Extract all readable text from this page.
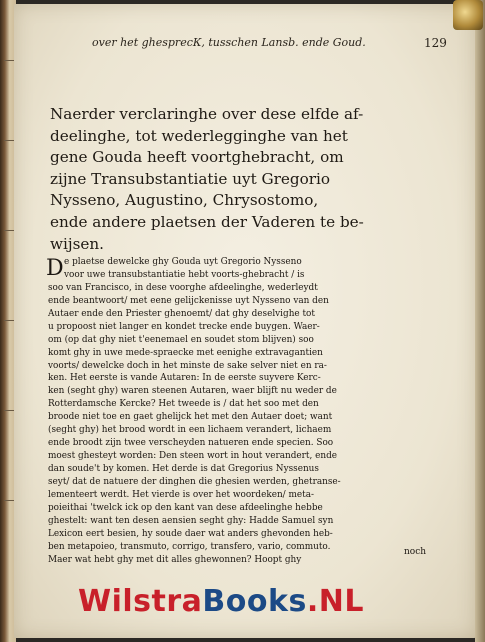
over het ghesprecК, tusschen Lansb. ende Goud.	129
Naerder verclaringhe over dese elfde af-
deelinghe, tot wederlegginghe van het
gene Gouda heeft voortghebracht, om
zijne Transubstantiatie uyt Gregorio
Nysseno, Augustino, Chrysostomo,
ende andere plaetsen der Vaderen te be-
wijsen.
D e plaetse dewelcke ghy Gouda uyt Gregorio Nysseno
voor uwe transubstantiatie hebt voorts-ghebracht / is
soo van Francisco, in dese voorghe afdeelinghe, wederleydt
ende beantwoort/ met eene gelijckenisse uyt Nysseno van den
Autaer ende den Priester ghenoemt/ dat ghy deselvighe tot
u propoost niet langer en kondet trecke ende buygen. Waer-
om (op dat ghy niet t'eenemael en soudet stom blijven) soo
komt ghy in uwe mede-spraecke met eenighe extravagantien
voorts/ dewelcke doch in het minste de sake selver niet en ra-
ken. Het eerste is vande Autaren: In de eerste suyvere Kerc-
ken (seght ghy) waren steenen Autaren, waer blijft nu weder de
Rotterdamsche Kercke? Het tweede is / dat het soo met den
broode niet toe en gaet ghelijck het met den Autaer doet; want
(seght ghy) het brood wordt in een lichaem verandert, lichaem
ende broodt zijn twee verscheyden natueren ende specien. Soo
moest ghesteyt worden: Den steen wort in hout verandert, ende
dan soude't by komen. Het derde is dat Gregorius Nyssenus
seyt/ dat de natuere der dinghen die ghesien werden, ghetranse-
lementeert werdt. Het vierde is over het woordeken/ meta-
poieithai 'twelck ick op den kant van dese afdeelinghe hebbe
ghestelt: want ten desen aensien seght ghy: Hadde Samuel syn
Lexicon eert besien, hy soude daer wat anders ghevonden heb-
ben metapoieo, transmuto, corrigo, transfero, vario, commuto.
Maer wat hebt ghy met dit alles ghewonnen? Hoopt ghy
noch
WilstraBooks.NL
